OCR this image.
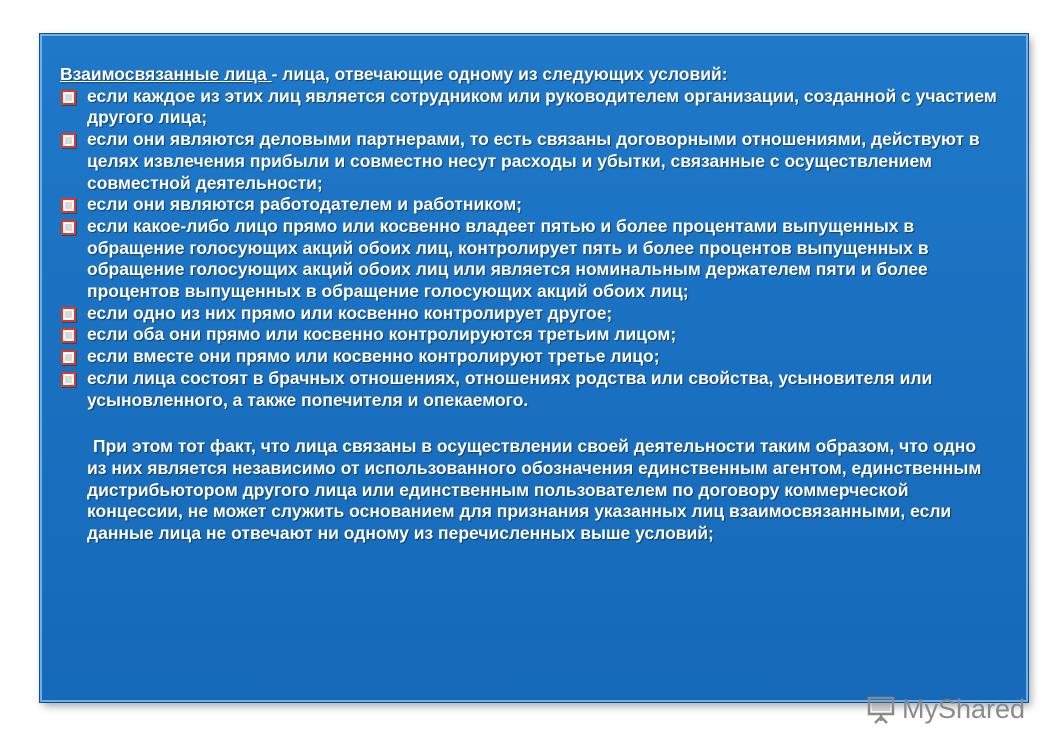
Взаимосвязанные лица - лица, отвечающие одному из следующих условий:

если каждое из этих лиц является сотрудником или руководителем организации, созданной с участием другого лица;
если они являются деловыми партнерами, то есть связаны договорными отношениями, действуют в целях извлечения прибыли и совместно несут расходы и убытки, связанные с осуществлением совместной деятельности;
если они являются работодателем и работником;
если какое-либо лицо прямо или косвенно владеет пятью и более процентами выпущенных в обращение голосующих акций обоих лиц, контролирует пять и более процентов выпущенных в обращение голосующих акций обоих лиц или является номинальным держателем пяти и более процентов выпущенных в обращение голосующих акций обоих лиц;
если одно из них прямо или косвенно контролирует другое;
если оба они прямо или косвенно контролируются третьим лицом;
если вместе они прямо или косвенно контролируют третье лицо;
если лица состоят в брачных отношениях, отношениях родства или свойства, усыновителя или усыновленного, а также попечителя и опекаемого.

При этом тот факт, что лица связаны в осуществлении своей деятельности таким образом, что одно из них является независимо от использованного обозначения единственным агентом, единственным дистрибьютором другого лица или единственным пользователем по договору коммерческой концессии, не может служить основанием для признания указанных лиц взаимосвязанными, если данные лица не отвечают ни одному из перечисленных выше условий;

MyShared
